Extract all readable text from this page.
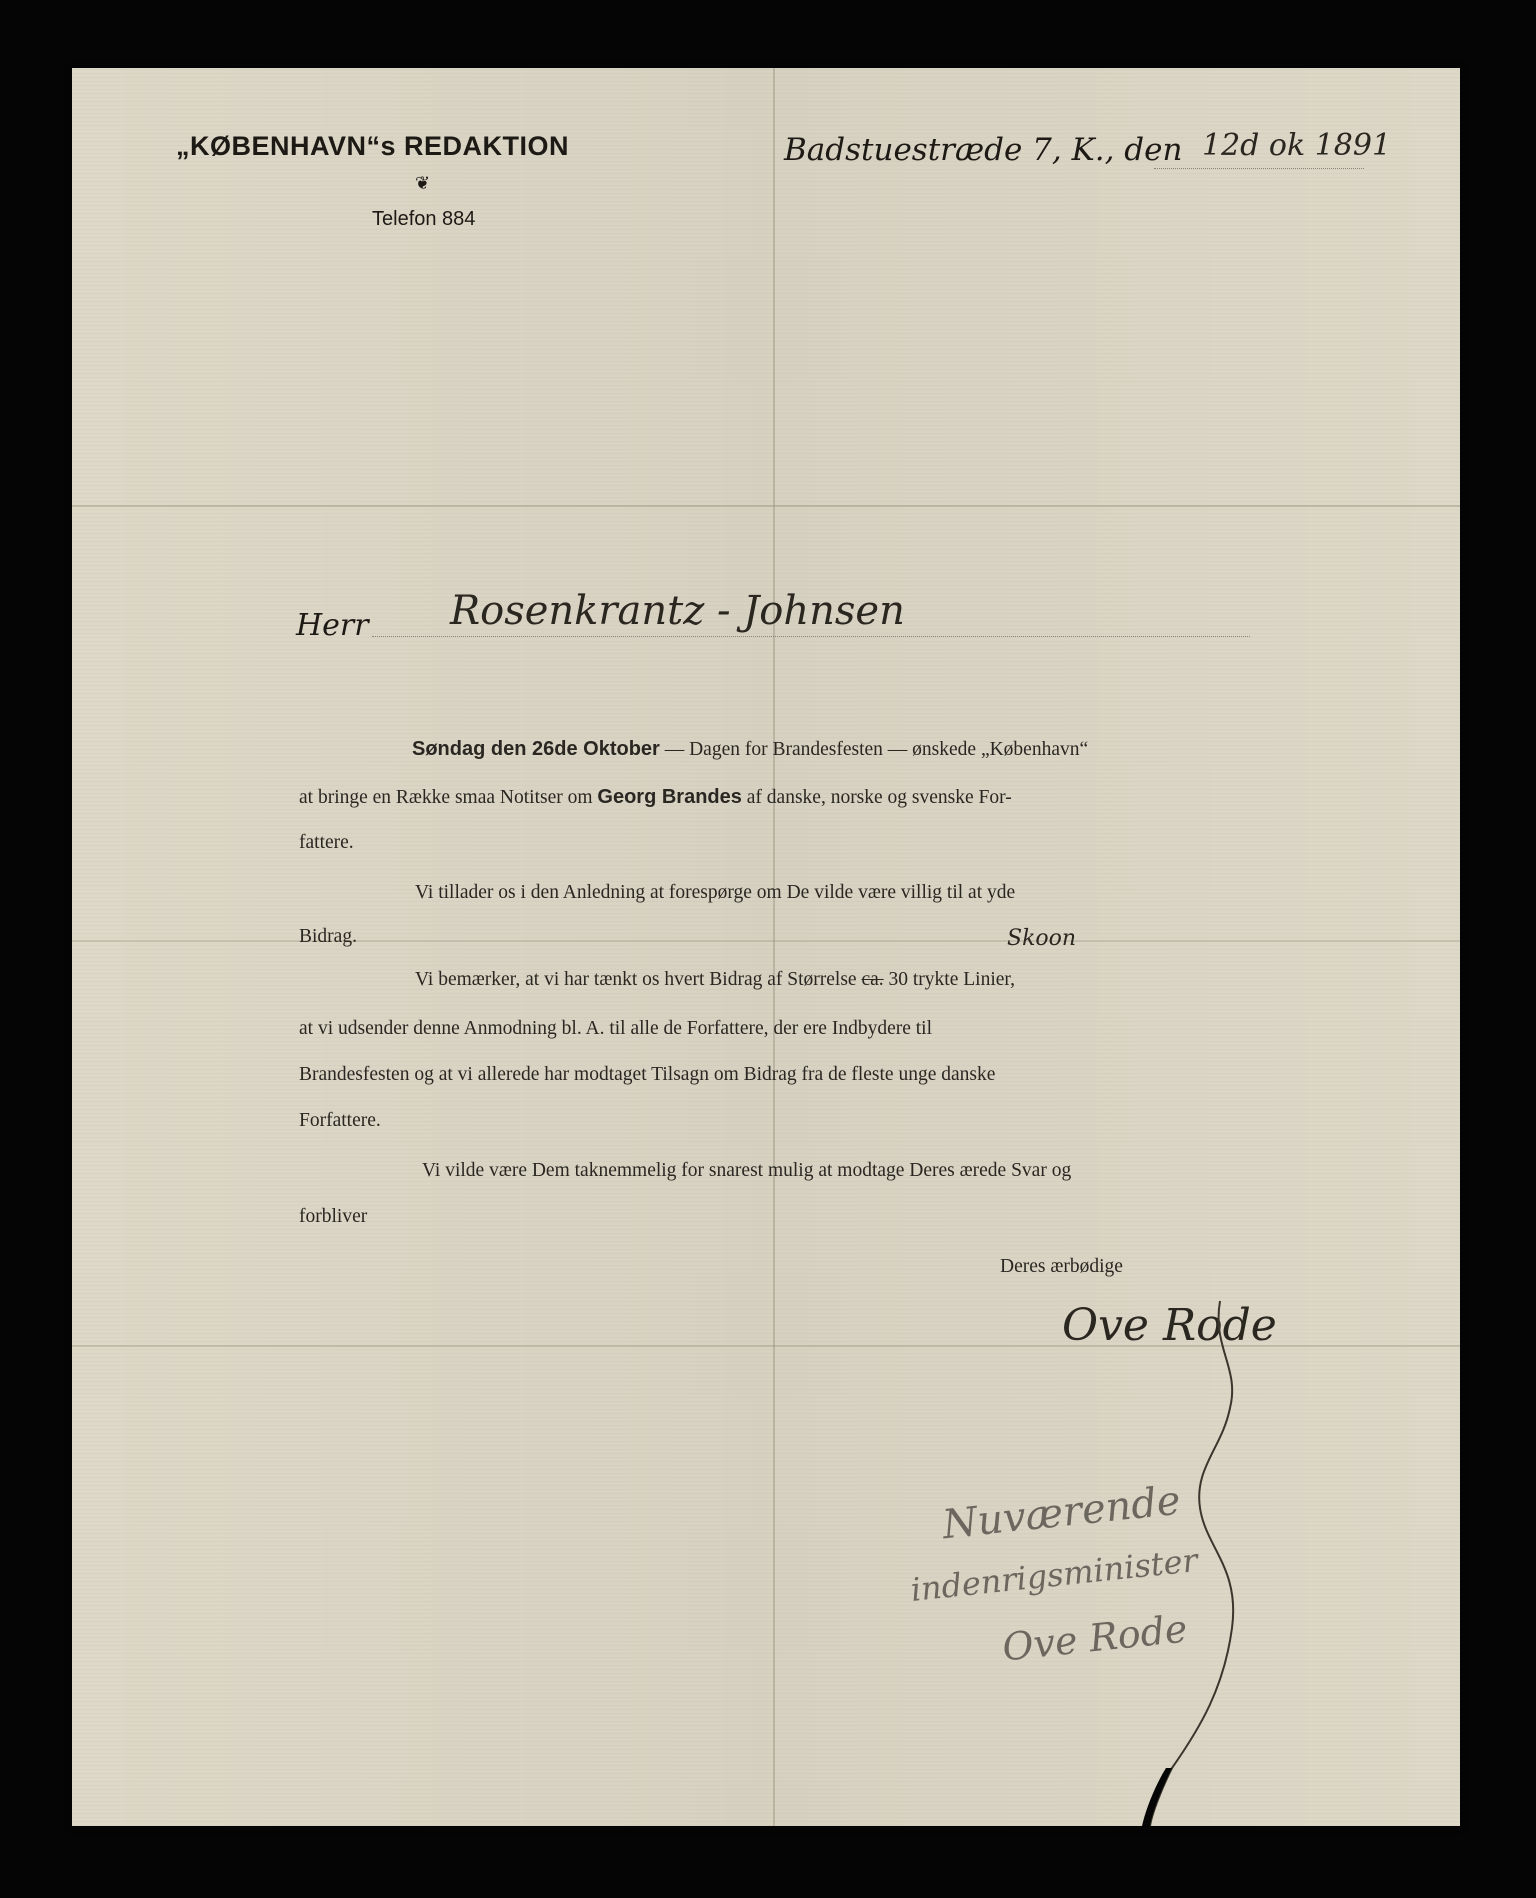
„KØBENHAVN“s REDAKTION
❦
Telefon 884
Badstuestræde 7, K., den 12d ok 1891
Herr Rosenkrantz - Johnsen
Søndag den 26de Oktober — Dagen for Brandesfesten — ønskede „København“
at bringe en Række smaa Notitser om Georg Brandes af danske, norske og svenske For-
fattere.
Vi tillader os i den Anledning at forespørge om De vilde være villig til at yde
Bidrag.	Skoon
Vi bemærker, at vi har tænkt os hvert Bidrag af Størrelse ca. 30 trykte Linier,
at vi udsender denne Anmodning bl. A. til alle de Forfattere, der ere Indbydere til
Brandesfesten og at vi allerede har modtaget Tilsagn om Bidrag fra de fleste unge danske
Forfattere.
Vi vilde være Dem taknemmelig for snarest mulig at modtage Deres ærede Svar og
forbliver
Deres ærbødige
Ove Rode
Nuværende
indenrigsminister
Ove Rode
